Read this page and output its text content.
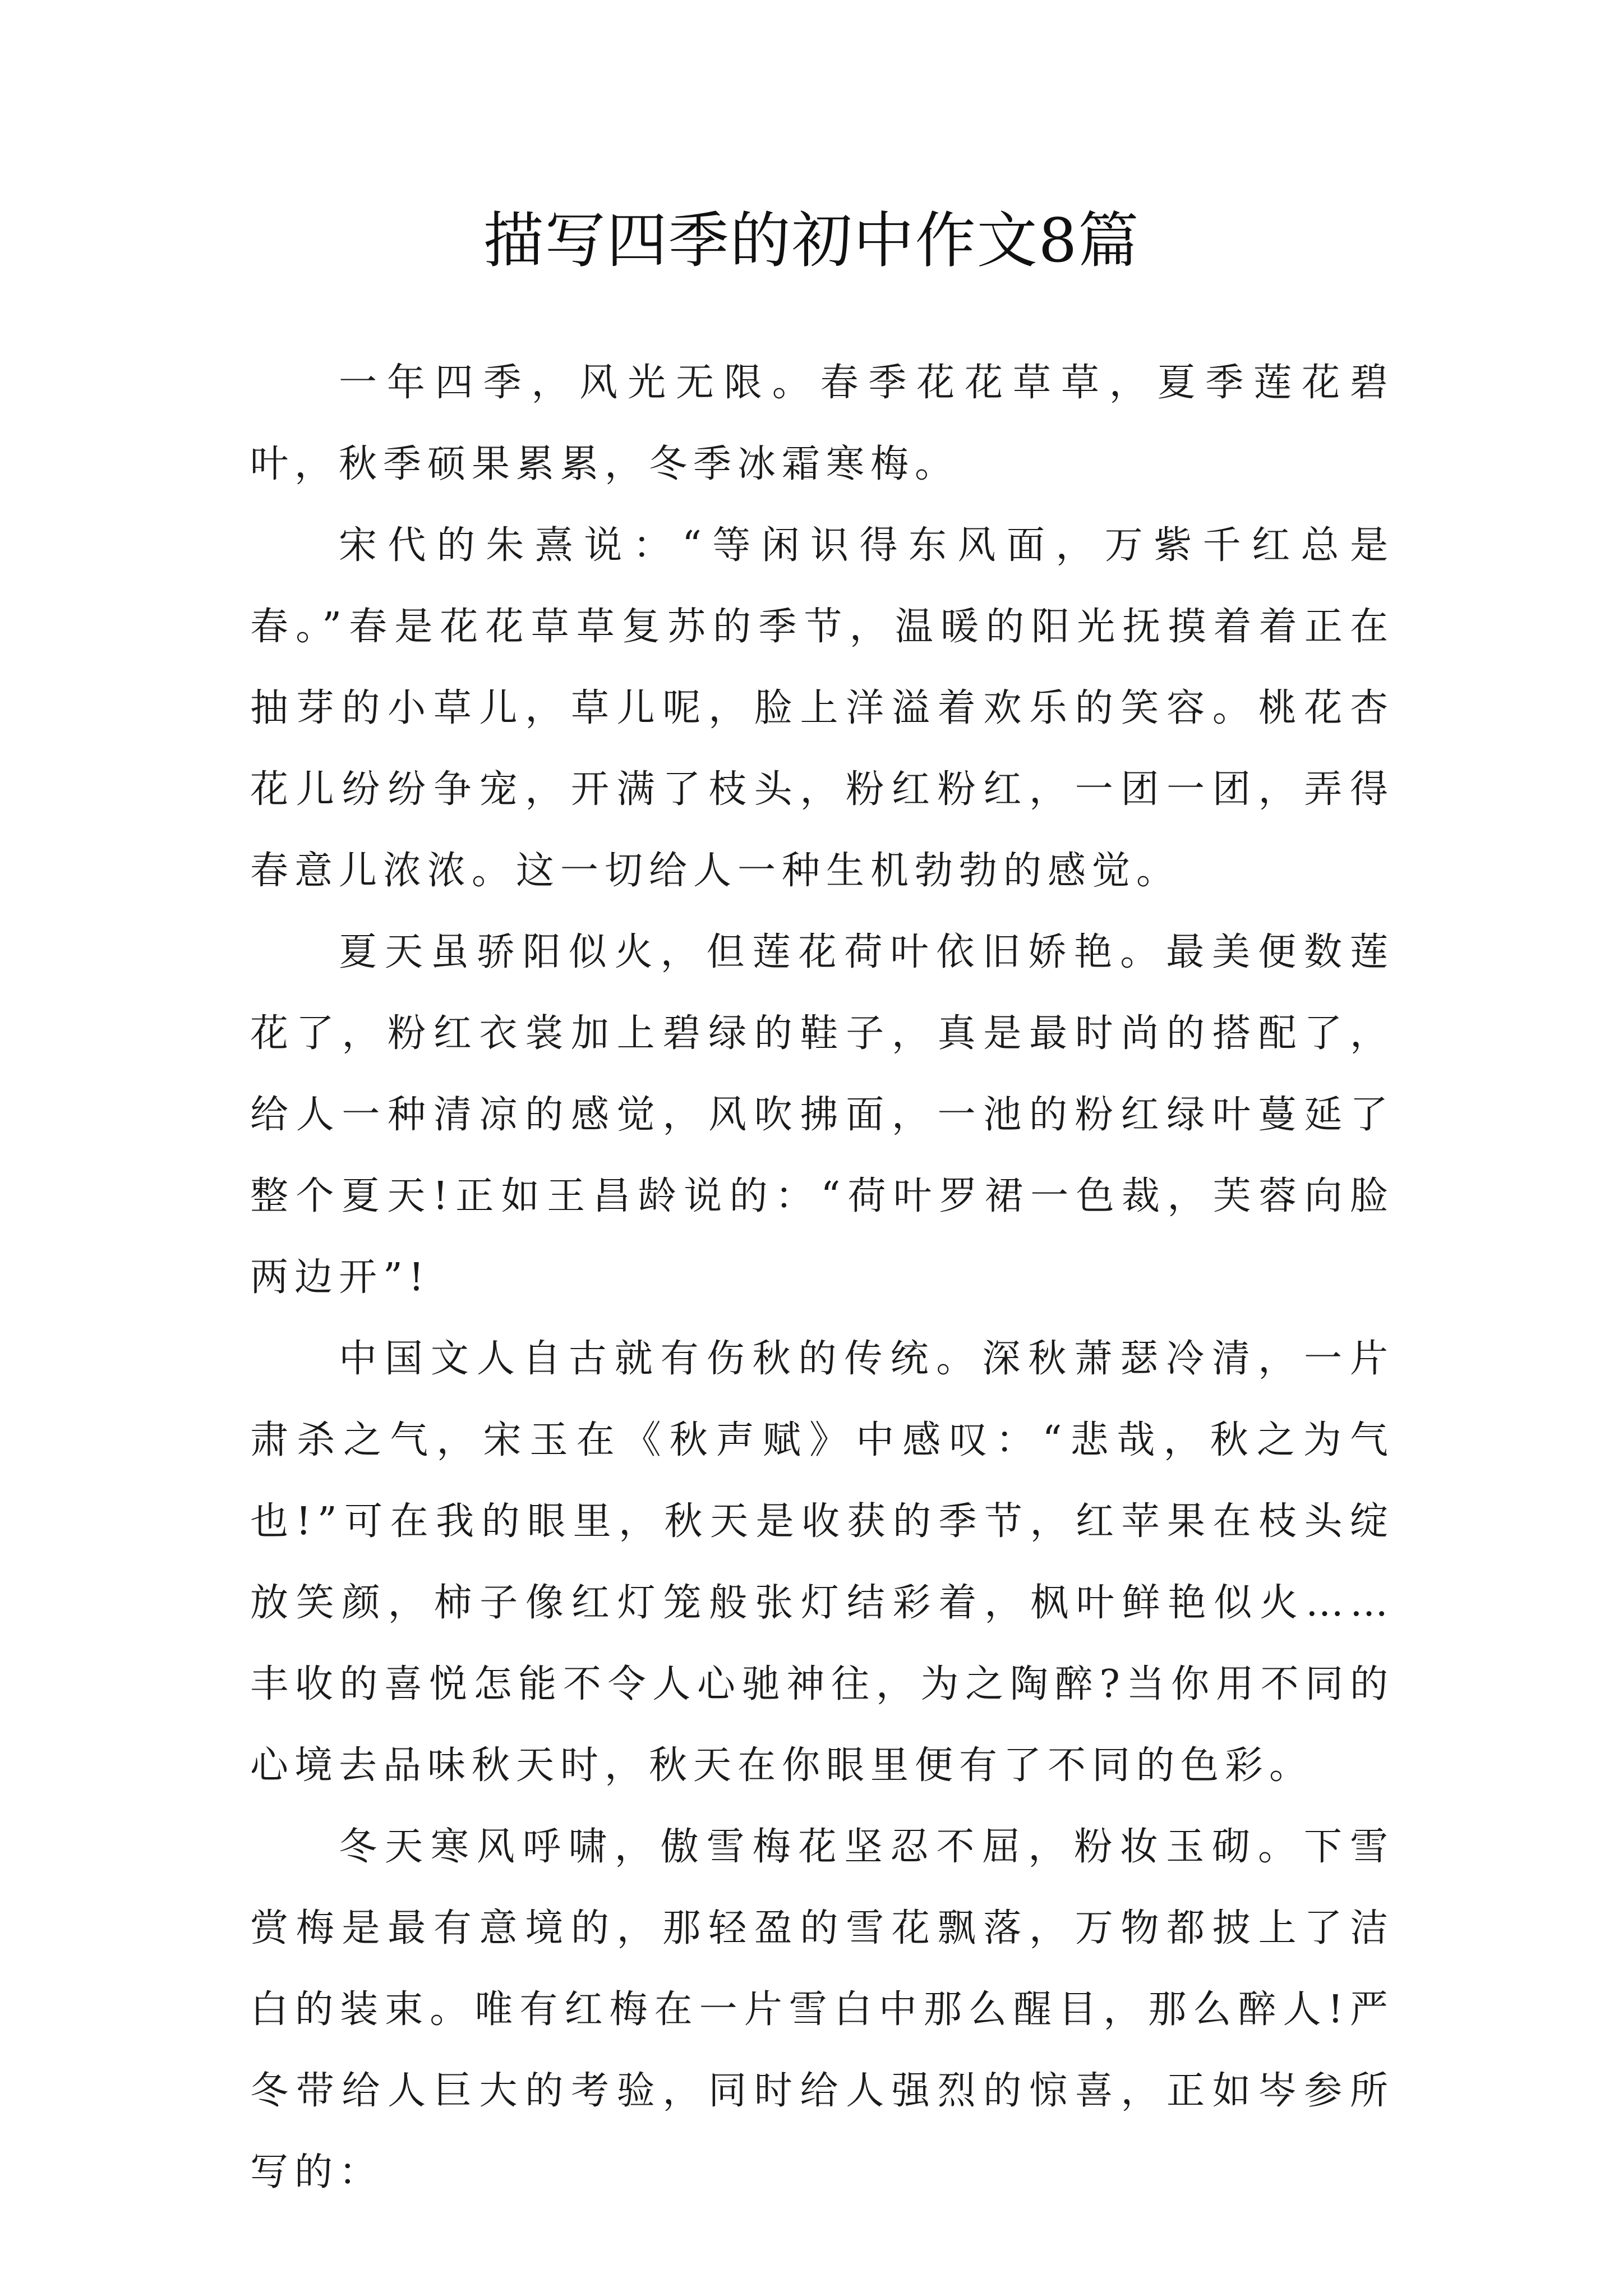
描写四季的初中作文8篇

一年四季，风光无限。春季花花草草，夏季莲花碧叶，秋季硕果累累，冬季冰霜寒梅。

宋代的朱熹说：“等闲识得东风面，万紫千红总是春。”春是花花草草复苏的季节，温暖的阳光抚摸着着正在抽芽的小草儿，草儿呢，脸上洋溢着欢乐的笑容。桃花杏花儿纷纷争宠，开满了枝头，粉红粉红，一团一团，弄得春意儿浓浓。这一切给人一种生机勃勃的感觉。

夏天虽骄阳似火，但莲花荷叶依旧娇艳。最美便数莲花了，粉红衣裳加上碧绿的鞋子，真是最时尚的搭配了，给人一种清凉的感觉，风吹拂面，一池的粉红绿叶蔓延了整个夏天!正如王昌龄说的：“荷叶罗裙一色裁，芙蓉向脸两边开”!

中国文人自古就有伤秋的传统。深秋萧瑟冷清，一片肃杀之气，宋玉在《秋声赋》中感叹：“悲哉，秋之为气也!”可在我的眼里，秋天是收获的季节，红苹果在枝头绽放笑颜，柿子像红灯笼般张灯结彩着，枫叶鲜艳似火……丰收的喜悦怎能不令人心驰神往，为之陶醉?当你用不同的心境去品味秋天时，秋天在你眼里便有了不同的色彩。

冬天寒风呼啸，傲雪梅花坚忍不屈，粉妆玉砌。下雪赏梅是最有意境的，那轻盈的雪花飘落，万物都披上了洁白的装束。唯有红梅在一片雪白中那么醒目，那么醉人!严冬带给人巨大的考验，同时给人强烈的惊喜，正如岑参所写的：
